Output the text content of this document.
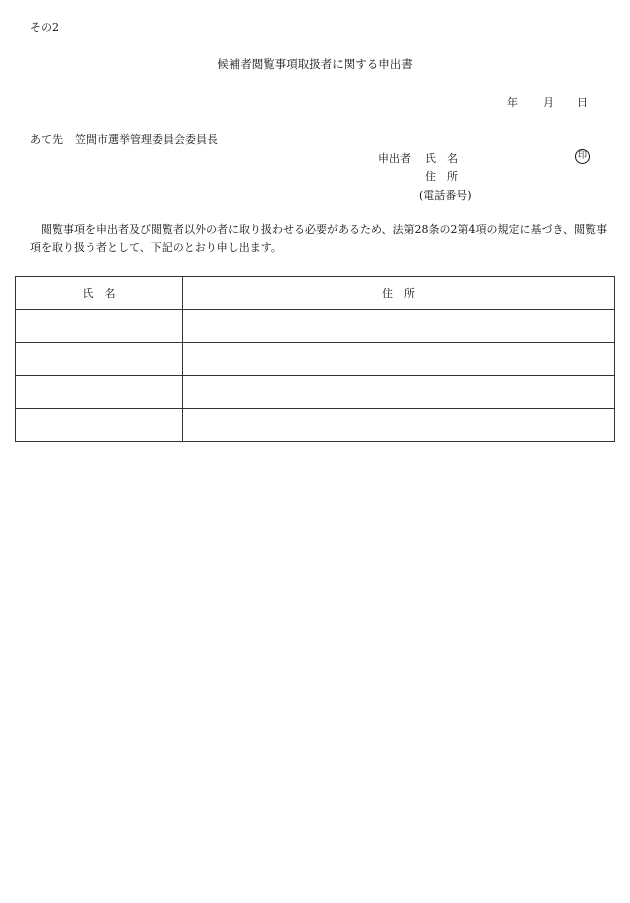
その2
候補者閲覧事項取扱者に関する申出書
年 月 日
あて先 笠間市選挙管理委員会委員長
申出者 氏　名	印
住　所
(電話番号)
閲覧事項を申出者及び閲覧者以外の者に取り扱わせる必要があるため、法第28条の2第4項の規定に基づき、閲覧事項を取り扱う者として、下記のとおり申し出ます。
氏　名	住　所
